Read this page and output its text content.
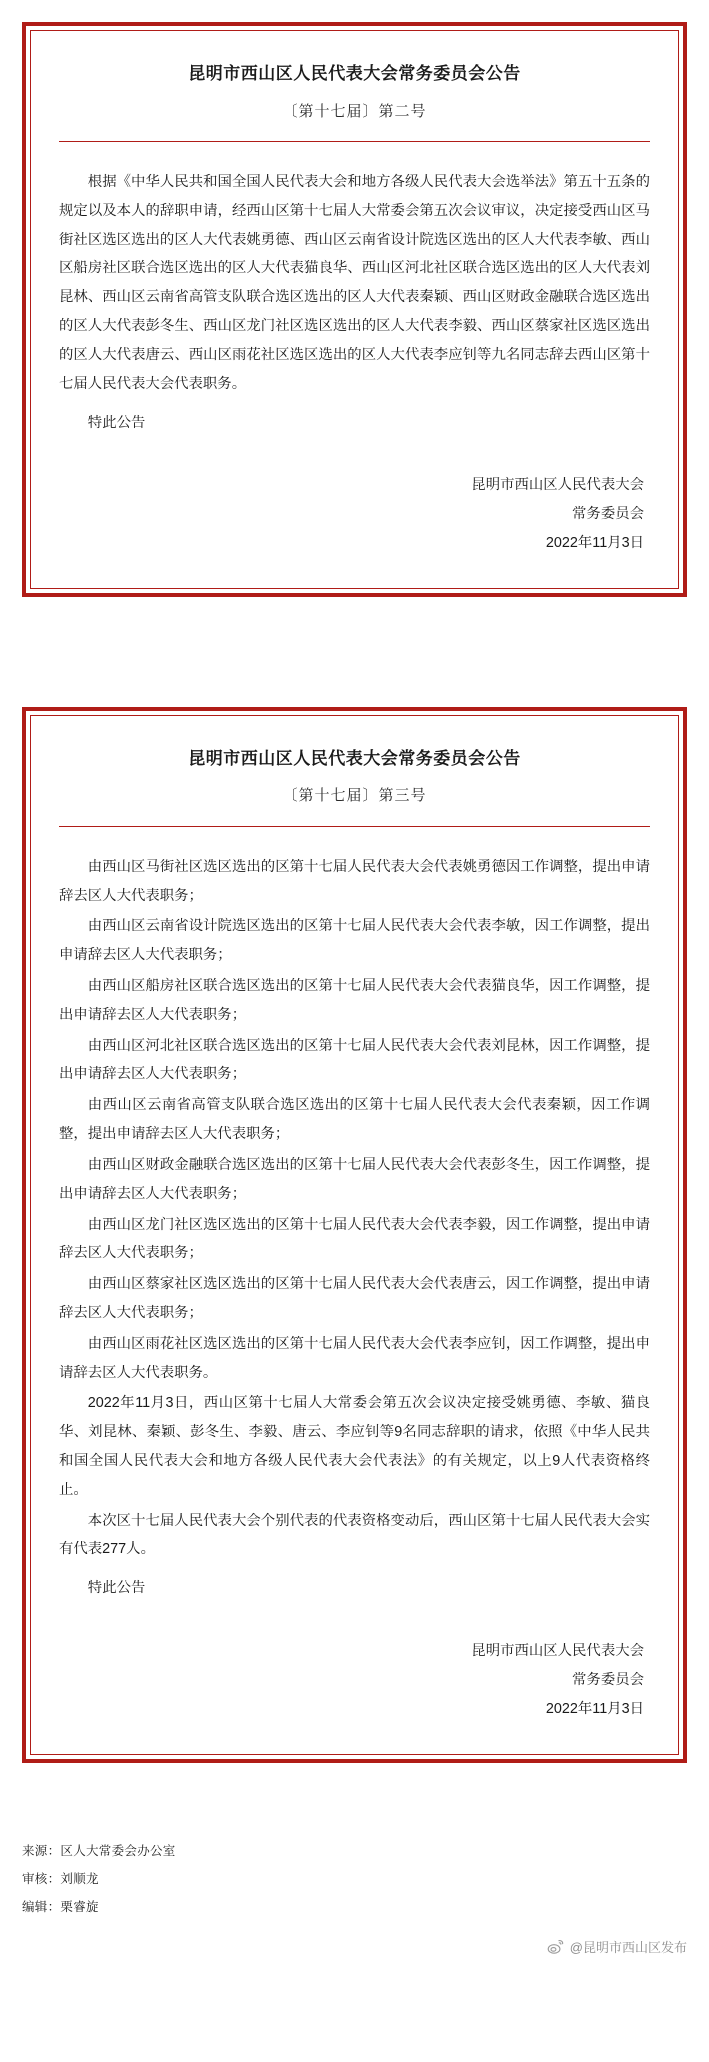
昆明市西山区人民代表大会常务委员会公告
〔第十七届〕第二号

根据《中华人民共和国全国人民代表大会和地方各级人民代表大会选举法》第五十五条的规定以及本人的辞职申请，经西山区第十七届人大常委会第五次会议审议，决定接受西山区马街社区选区选出的区人大代表姚勇德、西山区云南省设计院选区选出的区人大代表李敏、西山区船房社区联合选区选出的区人大代表猫良华、西山区河北社区联合选区选出的区人大代表刘昆林、西山区云南省高管支队联合选区选出的区人大代表秦颖、西山区财政金融联合选区选出的区人大代表彭冬生、西山区龙门社区选区选出的区人大代表李毅、西山区蔡家社区选区选出的区人大代表唐云、西山区雨花社区选区选出的区人大代表李应钊等九名同志辞去西山区第十七届人民代表大会代表职务。

特此公告

昆明市西山区人民代表大会
常务委员会
2022年11月3日
昆明市西山区人民代表大会常务委员会公告
〔第十七届〕第三号

由西山区马街社区选区选出的区第十七届人民代表大会代表姚勇德因工作调整，提出申请辞去区人大代表职务；

由西山区云南省设计院选区选出的区第十七届人民代表大会代表李敏，因工作调整，提出申请辞去区人大代表职务；

由西山区船房社区联合选区选出的区第十七届人民代表大会代表猫良华，因工作调整，提出申请辞去区人大代表职务；

由西山区河北社区联合选区选出的区第十七届人民代表大会代表刘昆林，因工作调整，提出申请辞去区人大代表职务；

由西山区云南省高管支队联合选区选出的区第十七届人民代表大会代表秦颖，因工作调整，提出申请辞去区人大代表职务；

由西山区财政金融联合选区选出的区第十七届人民代表大会代表彭冬生，因工作调整，提出申请辞去区人大代表职务；

由西山区龙门社区选区选出的区第十七届人民代表大会代表李毅，因工作调整，提出申请辞去区人大代表职务；

由西山区蔡家社区选区选出的区第十七届人民代表大会代表唐云，因工作调整，提出申请辞去区人大代表职务；

由西山区雨花社区选区选出的区第十七届人民代表大会代表李应钊，因工作调整，提出申请辞去区人大代表职务。

2022年11月3日，西山区第十七届人大常委会第五次会议决定接受姚勇德、李敏、猫良华、刘昆林、秦颖、彭冬生、李毅、唐云、李应钊等9名同志辞职的请求，依照《中华人民共和国全国人民代表大会和地方各级人民代表大会代表法》的有关规定，以上9人代表资格终止。

本次区十七届人民代表大会个别代表的代表资格变动后，西山区第十七届人民代表大会实有代表277人。

特此公告

昆明市西山区人民代表大会
常务委员会
2022年11月3日
来源：区人大常委会办公室
审核：刘顺龙
编辑：栗睿旋
@昆明市西山区发布
